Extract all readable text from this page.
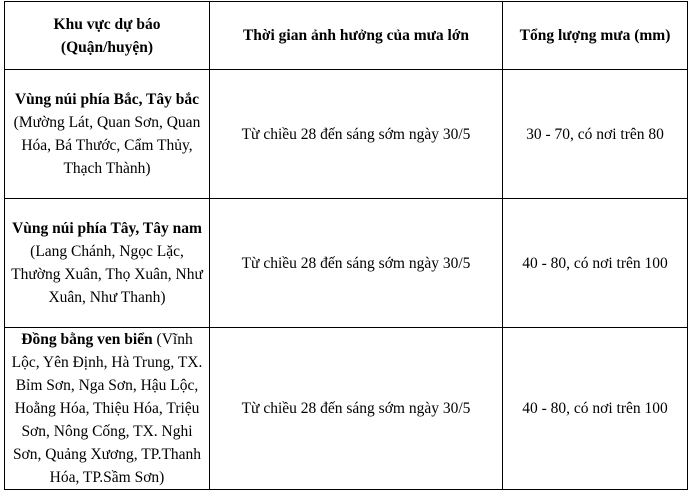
Khu vực dự báo
(Quận/huyện)	Thời gian ảnh hưởng của mưa lớn	Tổng lượng mưa (mm)
Vùng núi phía Bắc, Tây bắc (Mường Lát, Quan Sơn, Quan Hóa, Bá Thước, Cẩm Thủy, Thạch Thành)	Từ chiều 28 đến sáng sớm ngày 30/5	30 - 70, có nơi trên 80
Vùng núi phía Tây, Tây nam (Lang Chánh, Ngọc Lặc, Thường Xuân, Thọ Xuân, Như Xuân, Như Thanh)	Từ chiều 28 đến sáng sớm ngày 30/5	40 - 80, có nơi trên 100
Đồng bằng ven biển (Vĩnh Lộc, Yên Định, Hà Trung, TX. Bỉm Sơn, Nga Sơn, Hậu Lộc, Hoằng Hóa, Thiệu Hóa, Triệu Sơn, Nông Cống, TX. Nghi Sơn, Quảng Xương, TP.Thanh Hóa, TP.Sầm Sơn)	Từ chiều 28 đến sáng sớm ngày 30/5	40 - 80, có nơi trên 100
